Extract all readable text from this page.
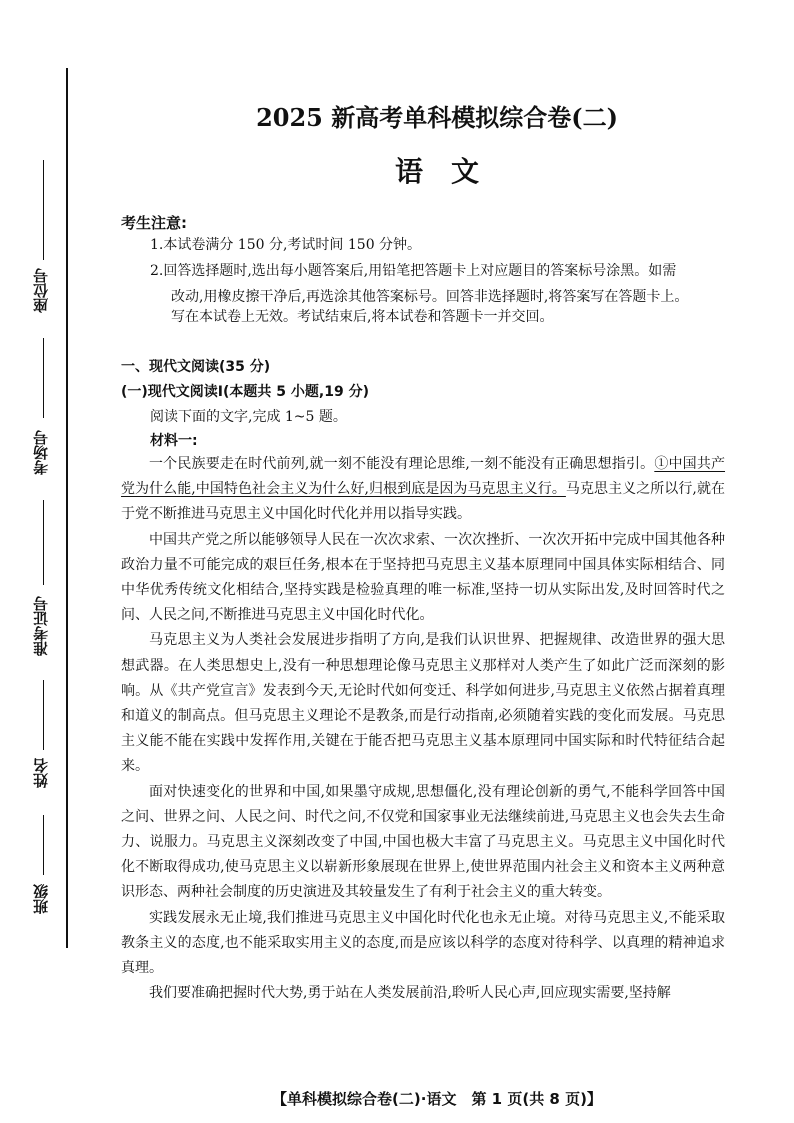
座位号
考场号
准考证号
姓名
班级
2025 新高考单科模拟综合卷(二)
语文
考生注意:
1.本试卷满分 150 分,考试时间 150 分钟。
2.回答选择题时,选出每小题答案后,用铅笔把答题卡上对应题目的答案标号涂黑。如需
改动,用橡皮擦干净后,再选涂其他答案标号。回答非选择题时,将答案写在答题卡上。
写在本试卷上无效。考试结束后,将本试卷和答题卡一并交回。
一、现代文阅读(35 分)
(一)现代文阅读Ⅰ(本题共 5 小题,19 分)
阅读下面的文字,完成 1~5 题。
材料一:

一个民族要走在时代前列,就一刻不能没有理论思维,一刻不能没有正确思想指引。①中国共产党为什么能,中国特色社会主义为什么好,归根到底是因为马克思主义行。马克思主义之所以行,就在于党不断推进马克思主义中国化时代化并用以指导实践。

中国共产党之所以能够领导人民在一次次求索、一次次挫折、一次次开拓中完成中国其他各种政治力量不可能完成的艰巨任务,根本在于坚持把马克思主义基本原理同中国具体实际相结合、同中华优秀传统文化相结合,坚持实践是检验真理的唯一标准,坚持一切从实际出发,及时回答时代之问、人民之问,不断推进马克思主义中国化时代化。

马克思主义为人类社会发展进步指明了方向,是我们认识世界、把握规律、改造世界的强大思想武器。在人类思想史上,没有一种思想理论像马克思主义那样对人类产生了如此广泛而深刻的影响。从《共产党宣言》发表到今天,无论时代如何变迁、科学如何进步,马克思主义依然占据着真理和道义的制高点。但马克思主义理论不是教条,而是行动指南,必须随着实践的变化而发展。马克思主义能不能在实践中发挥作用,关键在于能否把马克思主义基本原理同中国实际和时代特征结合起来。

面对快速变化的世界和中国,如果墨守成规,思想僵化,没有理论创新的勇气,不能科学回答中国之问、世界之问、人民之问、时代之问,不仅党和国家事业无法继续前进,马克思主义也会失去生命力、说服力。马克思主义深刻改变了中国,中国也极大丰富了马克思主义。马克思主义中国化时代化不断取得成功,使马克思主义以崭新形象展现在世界上,使世界范围内社会主义和资本主义两种意识形态、两种社会制度的历史演进及其较量发生了有利于社会主义的重大转变。

实践发展永无止境,我们推进马克思主义中国化时代化也永无止境。对待马克思主义,不能采取教条主义的态度,也不能采取实用主义的态度,而是应该以科学的态度对待科学、以真理的精神追求真理。

我们要准确把握时代大势,勇于站在人类发展前沿,聆听人民心声,回应现实需要,坚持解

【单科模拟综合卷(二)·语文　第 1 页(共 8 页)】
